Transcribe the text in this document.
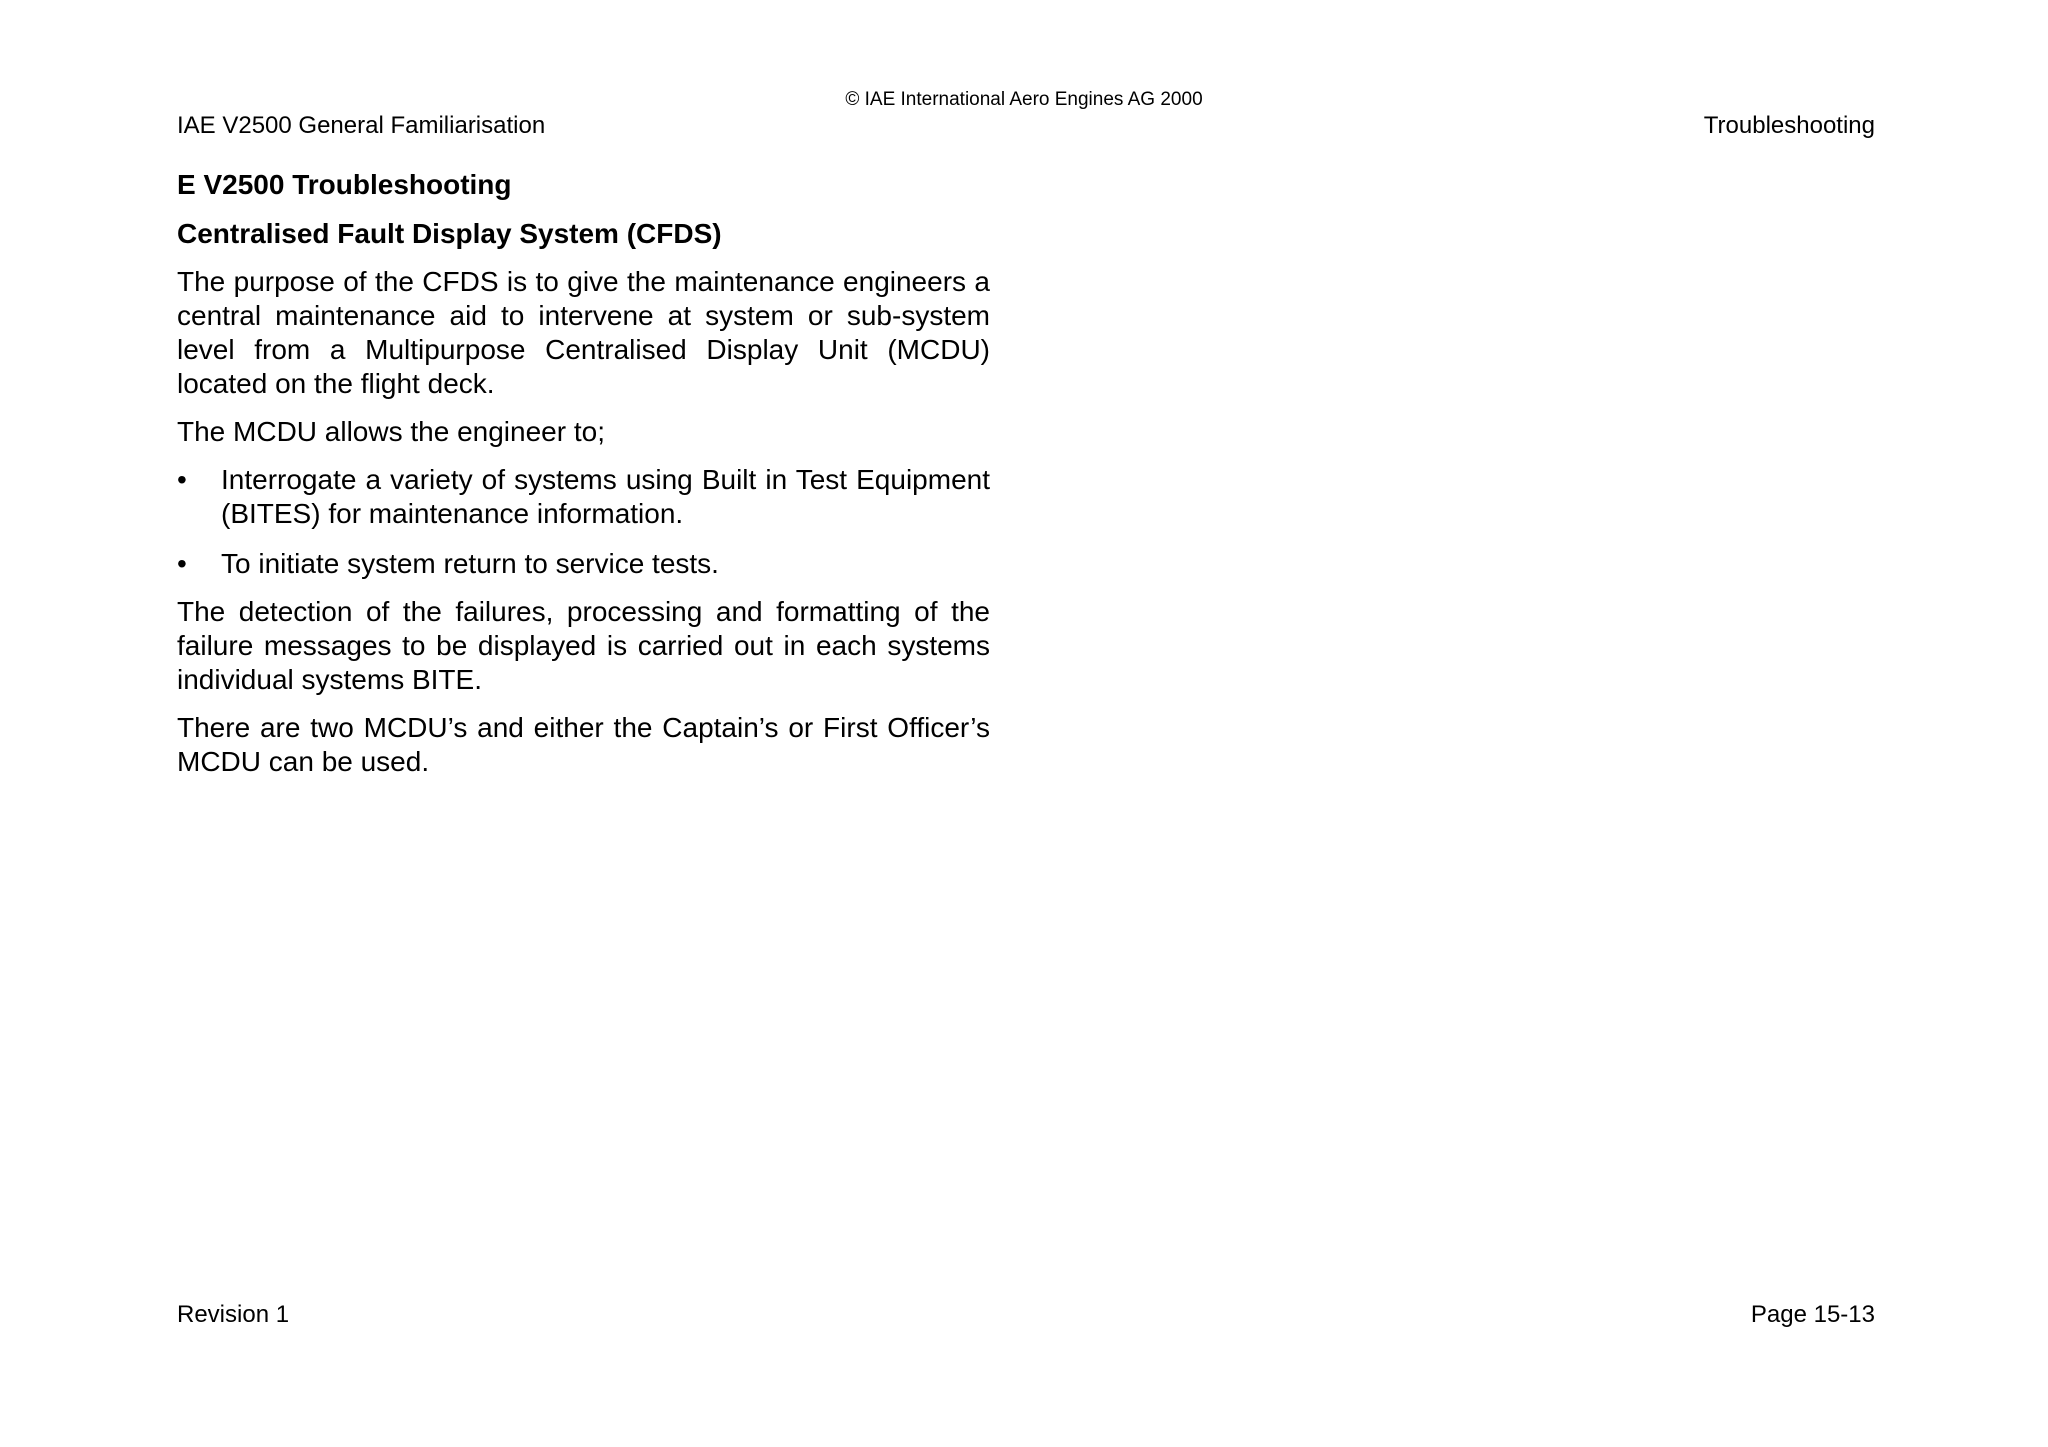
© IAE International Aero Engines AG 2000

IAE V2500 General Familiarisation	Troubleshooting

E V2500 Troubleshooting
Centralised Fault Display System (CFDS)

The purpose of the CFDS is to give the maintenance engineers a central maintenance aid to intervene at system or sub-system level from a Multipurpose Centralised Display Unit (MCDU) located on the flight deck.

The MCDU allows the engineer to;

•	Interrogate a variety of systems using Built in Test Equipment (BITES) for maintenance information.
•	To initiate system return to service tests.

The detection of the failures, processing and formatting of the failure messages to be displayed is carried out in each systems individual systems BITE.

There are two MCDU’s and either the Captain’s or First Officer’s MCDU can be used.

Revision 1	Page 15-13
